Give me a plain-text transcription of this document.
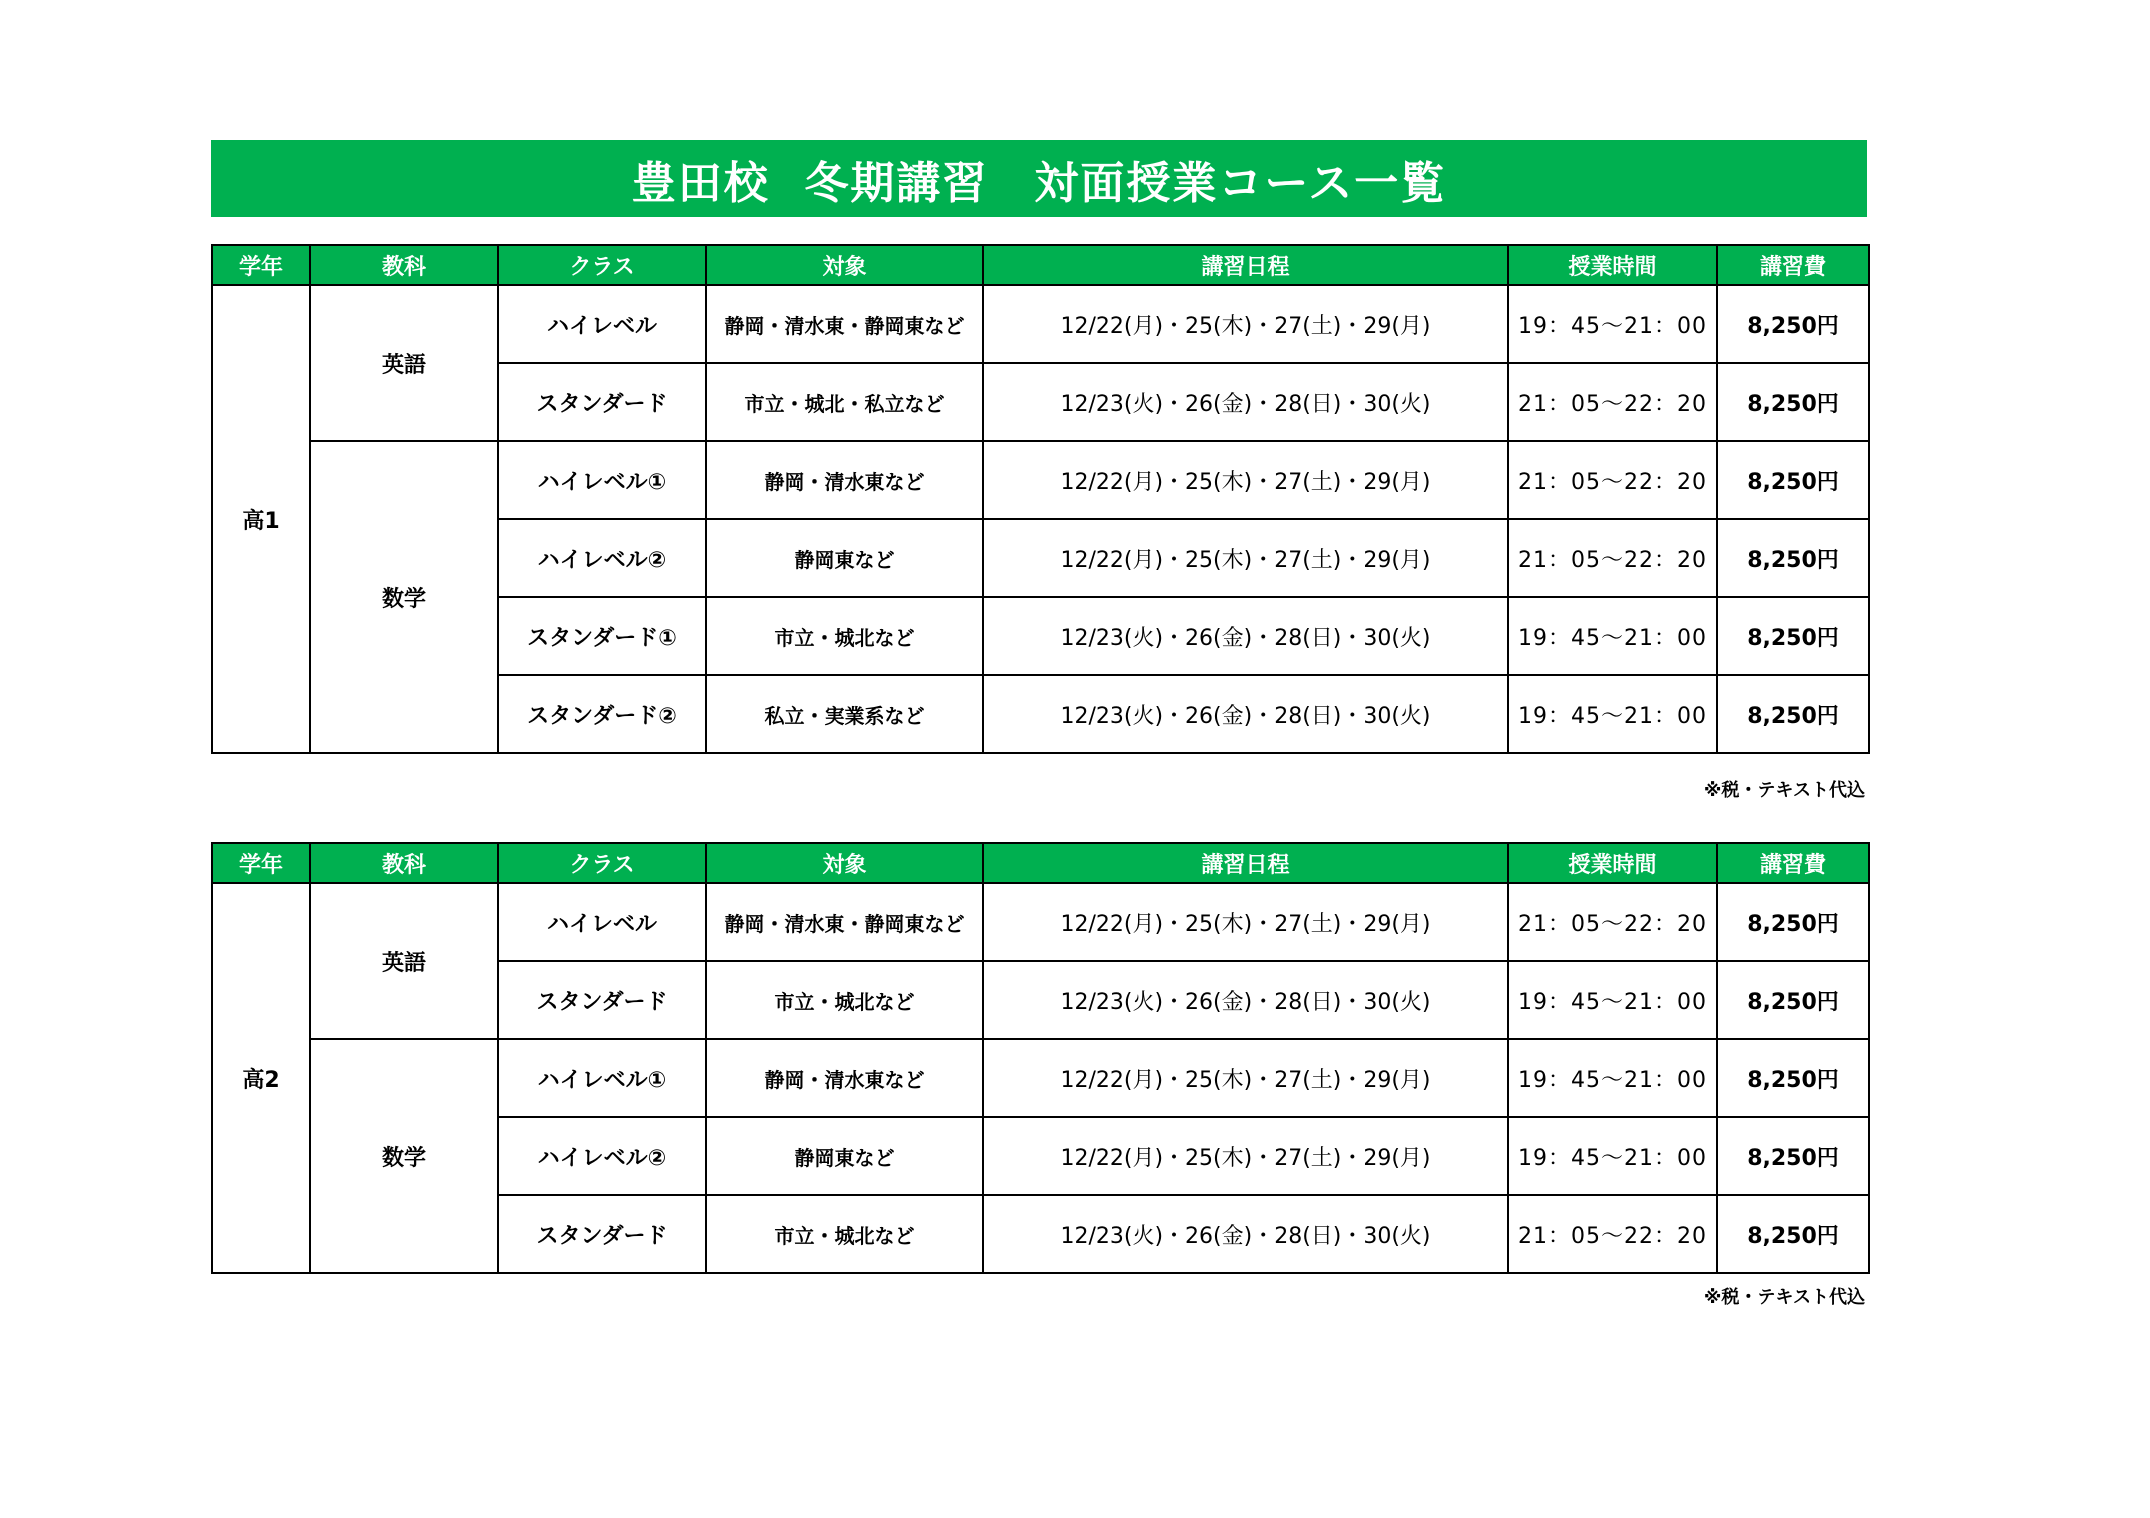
豊田校  冬期講習　対面授業コース一覧
学年	教科	クラス	対象	講習日程	授業時間	講習費
高1	英語	ハイレベル	静岡・清水東・静岡東など	12/22(月)・25(木)・27(土)・29(月)	19：45～21：00	8,250円
		スタンダード	市立・城北・私立など	12/23(火)・26(金)・28(日)・30(火)	21：05～22：20	8,250円
	数学	ハイレベル①	静岡・清水東など	12/22(月)・25(木)・27(土)・29(月)	21：05～22：20	8,250円
		ハイレベル②	静岡東など	12/22(月)・25(木)・27(土)・29(月)	21：05～22：20	8,250円
		スタンダード①	市立・城北など	12/23(火)・26(金)・28(日)・30(火)	19：45～21：00	8,250円
		スタンダード②	私立・実業系など	12/23(火)・26(金)・28(日)・30(火)	19：45～21：00	8,250円
※税・テキスト代込
学年	教科	クラス	対象	講習日程	授業時間	講習費
高2	英語	ハイレベル	静岡・清水東・静岡東など	12/22(月)・25(木)・27(土)・29(月)	21：05～22：20	8,250円
		スタンダード	市立・城北など	12/23(火)・26(金)・28(日)・30(火)	19：45～21：00	8,250円
	数学	ハイレベル①	静岡・清水東など	12/22(月)・25(木)・27(土)・29(月)	19：45～21：00	8,250円
		ハイレベル②	静岡東など	12/22(月)・25(木)・27(土)・29(月)	19：45～21：00	8,250円
		スタンダード	市立・城北など	12/23(火)・26(金)・28(日)・30(火)	21：05～22：20	8,250円
※税・テキスト代込
